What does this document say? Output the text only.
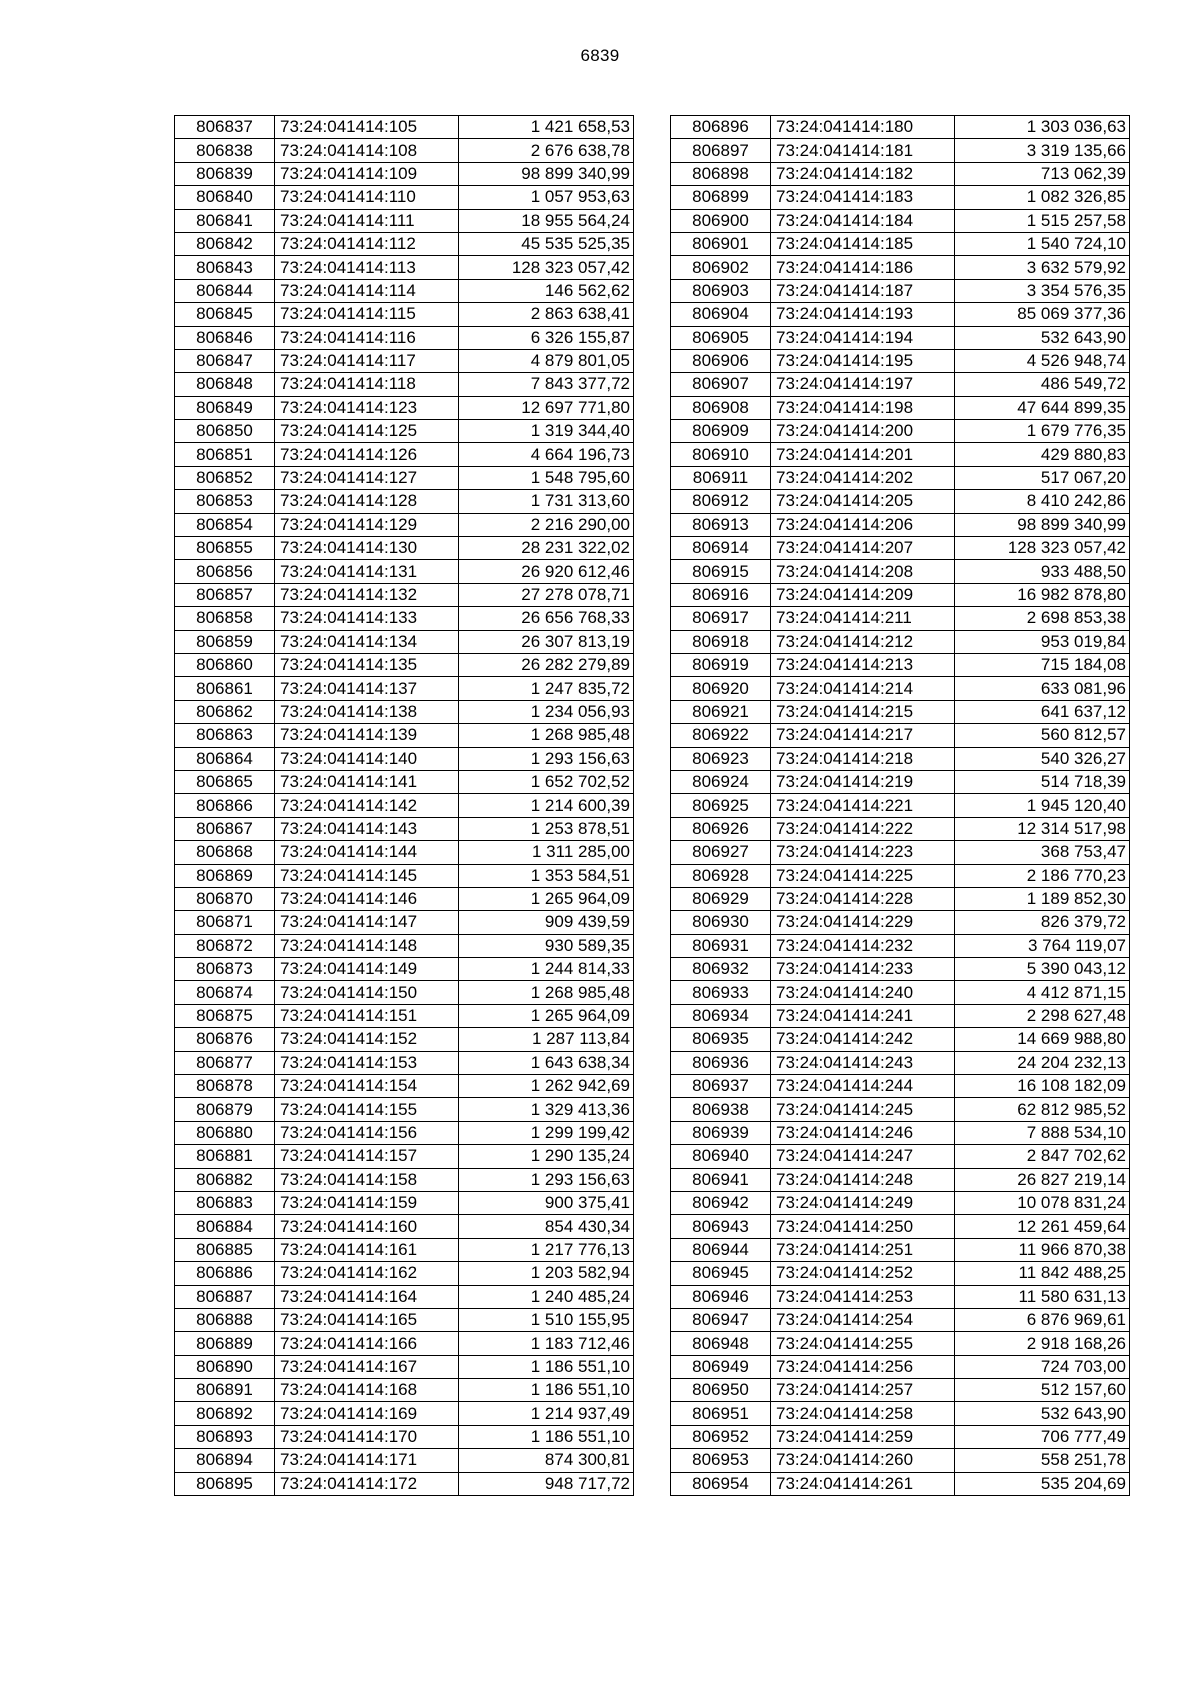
6839
806837	73:24:041414:105	1 421 658,53
806838	73:24:041414:108	2 676 638,78
806839	73:24:041414:109	98 899 340,99
806840	73:24:041414:110	1 057 953,63
806841	73:24:041414:111	18 955 564,24
806842	73:24:041414:112	45 535 525,35
806843	73:24:041414:113	128 323 057,42
806844	73:24:041414:114	146 562,62
806845	73:24:041414:115	2 863 638,41
806846	73:24:041414:116	6 326 155,87
806847	73:24:041414:117	4 879 801,05
806848	73:24:041414:118	7 843 377,72
806849	73:24:041414:123	12 697 771,80
806850	73:24:041414:125	1 319 344,40
806851	73:24:041414:126	4 664 196,73
806852	73:24:041414:127	1 548 795,60
806853	73:24:041414:128	1 731 313,60
806854	73:24:041414:129	2 216 290,00
806855	73:24:041414:130	28 231 322,02
806856	73:24:041414:131	26 920 612,46
806857	73:24:041414:132	27 278 078,71
806858	73:24:041414:133	26 656 768,33
806859	73:24:041414:134	26 307 813,19
806860	73:24:041414:135	26 282 279,89
806861	73:24:041414:137	1 247 835,72
806862	73:24:041414:138	1 234 056,93
806863	73:24:041414:139	1 268 985,48
806864	73:24:041414:140	1 293 156,63
806865	73:24:041414:141	1 652 702,52
806866	73:24:041414:142	1 214 600,39
806867	73:24:041414:143	1 253 878,51
806868	73:24:041414:144	1 311 285,00
806869	73:24:041414:145	1 353 584,51
806870	73:24:041414:146	1 265 964,09
806871	73:24:041414:147	909 439,59
806872	73:24:041414:148	930 589,35
806873	73:24:041414:149	1 244 814,33
806874	73:24:041414:150	1 268 985,48
806875	73:24:041414:151	1 265 964,09
806876	73:24:041414:152	1 287 113,84
806877	73:24:041414:153	1 643 638,34
806878	73:24:041414:154	1 262 942,69
806879	73:24:041414:155	1 329 413,36
806880	73:24:041414:156	1 299 199,42
806881	73:24:041414:157	1 290 135,24
806882	73:24:041414:158	1 293 156,63
806883	73:24:041414:159	900 375,41
806884	73:24:041414:160	854 430,34
806885	73:24:041414:161	1 217 776,13
806886	73:24:041414:162	1 203 582,94
806887	73:24:041414:164	1 240 485,24
806888	73:24:041414:165	1 510 155,95
806889	73:24:041414:166	1 183 712,46
806890	73:24:041414:167	1 186 551,10
806891	73:24:041414:168	1 186 551,10
806892	73:24:041414:169	1 214 937,49
806893	73:24:041414:170	1 186 551,10
806894	73:24:041414:171	874 300,81
806895	73:24:041414:172	948 717,72
806896	73:24:041414:180	1 303 036,63
806897	73:24:041414:181	3 319 135,66
806898	73:24:041414:182	713 062,39
806899	73:24:041414:183	1 082 326,85
806900	73:24:041414:184	1 515 257,58
806901	73:24:041414:185	1 540 724,10
806902	73:24:041414:186	3 632 579,92
806903	73:24:041414:187	3 354 576,35
806904	73:24:041414:193	85 069 377,36
806905	73:24:041414:194	532 643,90
806906	73:24:041414:195	4 526 948,74
806907	73:24:041414:197	486 549,72
806908	73:24:041414:198	47 644 899,35
806909	73:24:041414:200	1 679 776,35
806910	73:24:041414:201	429 880,83
806911	73:24:041414:202	517 067,20
806912	73:24:041414:205	8 410 242,86
806913	73:24:041414:206	98 899 340,99
806914	73:24:041414:207	128 323 057,42
806915	73:24:041414:208	933 488,50
806916	73:24:041414:209	16 982 878,80
806917	73:24:041414:211	2 698 853,38
806918	73:24:041414:212	953 019,84
806919	73:24:041414:213	715 184,08
806920	73:24:041414:214	633 081,96
806921	73:24:041414:215	641 637,12
806922	73:24:041414:217	560 812,57
806923	73:24:041414:218	540 326,27
806924	73:24:041414:219	514 718,39
806925	73:24:041414:221	1 945 120,40
806926	73:24:041414:222	12 314 517,98
806927	73:24:041414:223	368 753,47
806928	73:24:041414:225	2 186 770,23
806929	73:24:041414:228	1 189 852,30
806930	73:24:041414:229	826 379,72
806931	73:24:041414:232	3 764 119,07
806932	73:24:041414:233	5 390 043,12
806933	73:24:041414:240	4 412 871,15
806934	73:24:041414:241	2 298 627,48
806935	73:24:041414:242	14 669 988,80
806936	73:24:041414:243	24 204 232,13
806937	73:24:041414:244	16 108 182,09
806938	73:24:041414:245	62 812 985,52
806939	73:24:041414:246	7 888 534,10
806940	73:24:041414:247	2 847 702,62
806941	73:24:041414:248	26 827 219,14
806942	73:24:041414:249	10 078 831,24
806943	73:24:041414:250	12 261 459,64
806944	73:24:041414:251	11 966 870,38
806945	73:24:041414:252	11 842 488,25
806946	73:24:041414:253	11 580 631,13
806947	73:24:041414:254	6 876 969,61
806948	73:24:041414:255	2 918 168,26
806949	73:24:041414:256	724 703,00
806950	73:24:041414:257	512 157,60
806951	73:24:041414:258	532 643,90
806952	73:24:041414:259	706 777,49
806953	73:24:041414:260	558 251,78
806954	73:24:041414:261	535 204,69
